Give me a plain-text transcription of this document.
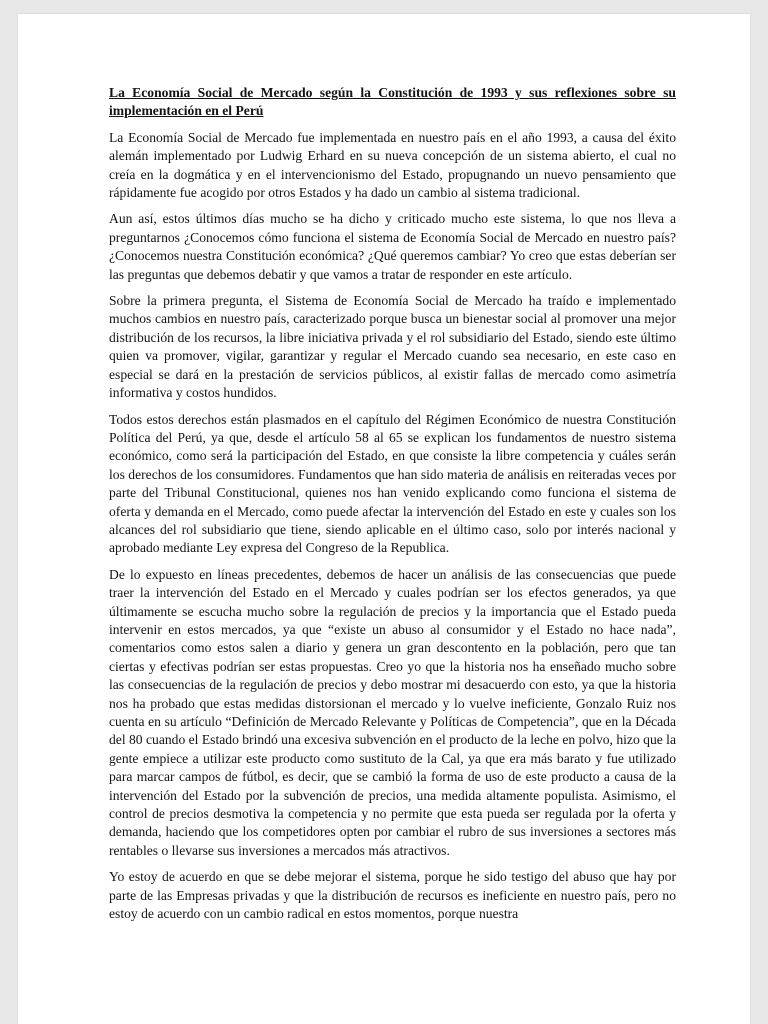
La Economía Social de Mercado según la Constitución de 1993 y sus reflexiones sobre su implementación en el Perú

La Economía Social de Mercado fue implementada en nuestro país en el año 1993, a causa del éxito alemán implementado por Ludwig Erhard en su nueva concepción de un sistema abierto, el cual no creía en la dogmática y en el intervencionismo del Estado, propugnando un nuevo pensamiento que rápidamente fue acogido por otros Estados y ha dado un cambio al sistema tradicional.

Aun así, estos últimos días mucho se ha dicho y criticado mucho este sistema, lo que nos lleva a preguntarnos ¿Conocemos cómo funciona el sistema de Economía Social de Mercado en nuestro país? ¿Conocemos nuestra Constitución económica? ¿Qué queremos cambiar? Yo creo que estas deberían ser las preguntas que debemos debatir y que vamos a tratar de responder en este artículo.

Sobre la primera pregunta, el Sistema de Economía Social de Mercado ha traído e implementado muchos cambios en nuestro país, caracterizado porque busca un bienestar social al promover una mejor distribución de los recursos, la libre iniciativa privada y el rol subsidiario del Estado, siendo este último quien va promover, vigilar, garantizar y regular el Mercado cuando sea necesario, en este caso en especial se dará en la prestación de servicios públicos, al existir fallas de mercado como asimetría informativa y costos hundidos.

Todos estos derechos están plasmados en el capítulo del Régimen Económico de nuestra Constitución Política del Perú, ya que, desde el artículo 58 al 65 se explican los fundamentos de nuestro sistema económico, como será la participación del Estado, en que consiste la libre competencia y cuáles serán los derechos de los consumidores. Fundamentos que han sido materia de análisis en reiteradas veces por parte del Tribunal Constitucional, quienes nos han venido explicando como funciona el sistema de oferta y demanda en el Mercado, como puede afectar la intervención del Estado en este y cuales son los alcances del rol subsidiario que tiene, siendo aplicable en el último caso, solo por interés nacional y aprobado mediante Ley expresa del Congreso de la Republica.

De lo expuesto en líneas precedentes, debemos de hacer un análisis de las consecuencias que puede traer la intervención del Estado en el Mercado y cuales podrían ser los efectos generados, ya que últimamente se escucha mucho sobre la regulación de precios y la importancia que el Estado pueda intervenir en estos mercados, ya que “existe un abuso al consumidor y el Estado no hace nada”, comentarios como estos salen a diario y genera un gran descontento en la población, pero que tan ciertas y efectivas podrían ser estas propuestas. Creo yo que la historia nos ha enseñado mucho sobre las consecuencias de la regulación de precios y debo mostrar mi desacuerdo con esto, ya que la historia nos ha probado que estas medidas distorsionan el mercado y lo vuelve ineficiente, Gonzalo Ruiz nos cuenta en su artículo “Definición de Mercado Relevante y Políticas de Competencia”, que en la Década del 80 cuando el Estado brindó una excesiva subvención en el producto de la leche en polvo, hizo que la gente empiece a utilizar este producto como sustituto de la Cal, ya que era más barato y fue utilizado para marcar campos de fútbol, es decir, que se cambió la forma de uso de este producto a causa de la intervención del Estado por la subvención de precios, una medida altamente populista. Asimismo, el control de precios desmotiva la competencia y no permite que esta pueda ser regulada por la oferta y demanda, haciendo que los competidores opten por cambiar el rubro de sus inversiones a sectores más rentables o llevarse sus inversiones a mercados más atractivos.

Yo estoy de acuerdo en que se debe mejorar el sistema, porque he sido testigo del abuso que hay por parte de las Empresas privadas y que la distribución de recursos es ineficiente en nuestro país, pero no estoy de acuerdo con un cambio radical en estos momentos, porque nuestra
